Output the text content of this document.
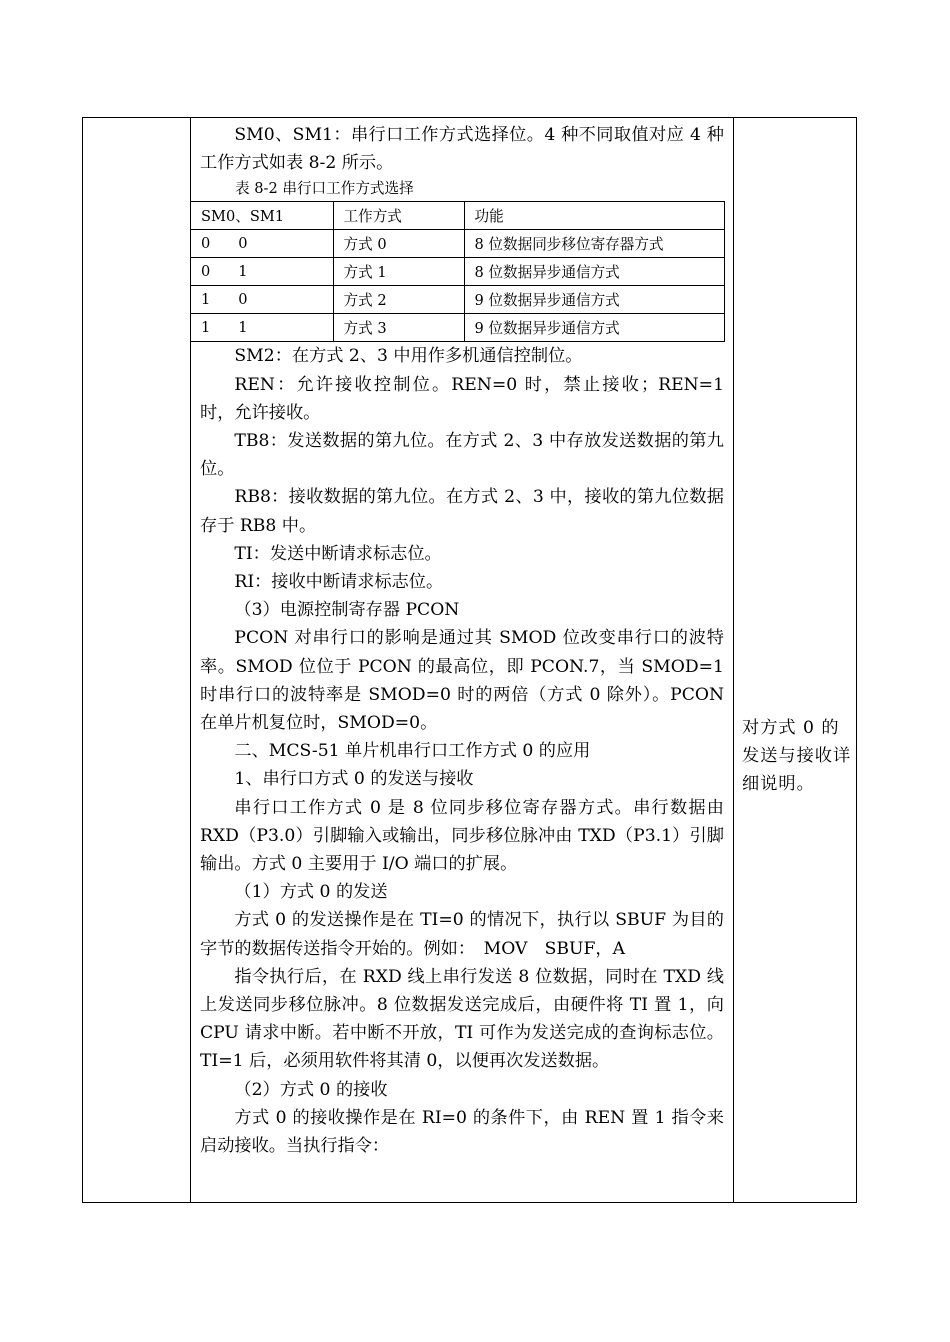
SM0、SM1：串行口工作方式选择位。4 种不同取值对应 4 种工作方式如表 8-2 所示。

表 8-2 串行口工作方式选择

SM0、SM1	工作方式	功能
0 0	方式 0	8 位数据同步移位寄存器方式
0 1	方式 1	8 位数据异步通信方式
1 0	方式 2	9 位数据异步通信方式
1 1	方式 3	9 位数据异步通信方式

SM2：在方式 2、3 中用作多机通信控制位。

REN：允许接收控制位。REN=0 时，禁止接收；REN=1 时，允许接收。

TB8：发送数据的第九位。在方式 2、3 中存放发送数据的第九位。

RB8：接收数据的第九位。在方式 2、3 中，接收的第九位数据存于 RB8 中。

TI：发送中断请求标志位。

RI：接收中断请求标志位。

（3）电源控制寄存器 PCON

PCON 对串行口的影响是通过其 SMOD 位改变串行口的波特率。SMOD 位位于 PCON 的最高位，即 PCON.7，当 SMOD=1 时串行口的波特率是 SMOD=0 时的两倍（方式 0 除外）。PCON 在单片机复位时，SMOD=0。

二、MCS-51 单片机串行口工作方式 0 的应用

1、串行口方式 0 的发送与接收

串行口工作方式 0 是 8 位同步移位寄存器方式。串行数据由 RXD（P3.0）引脚输入或输出，同步移位脉冲由 TXD（P3.1）引脚输出。方式 0 主要用于 I/O 端口的扩展。

（1）方式 0 的发送

方式 0 的发送操作是在 TI=0 的情况下，执行以 SBUF 为目的字节的数据传送指令开始的。例如：　MOV　SBUF，A

指令执行后，在 RXD 线上串行发送 8 位数据，同时在 TXD 线上发送同步移位脉冲。8 位数据发送完成后，由硬件将 TI 置 1，向 CPU 请求中断。若中断不开放，TI 可作为发送完成的查询标志位。TI=1 后，必须用软件将其清 0，以便再次发送数据。

（2）方式 0 的接收

方式 0 的接收操作是在 RI=0 的条件下，由 REN 置 1 指令来启动接收。当执行指令：

对方式 0 的发送与接收详细说明。
